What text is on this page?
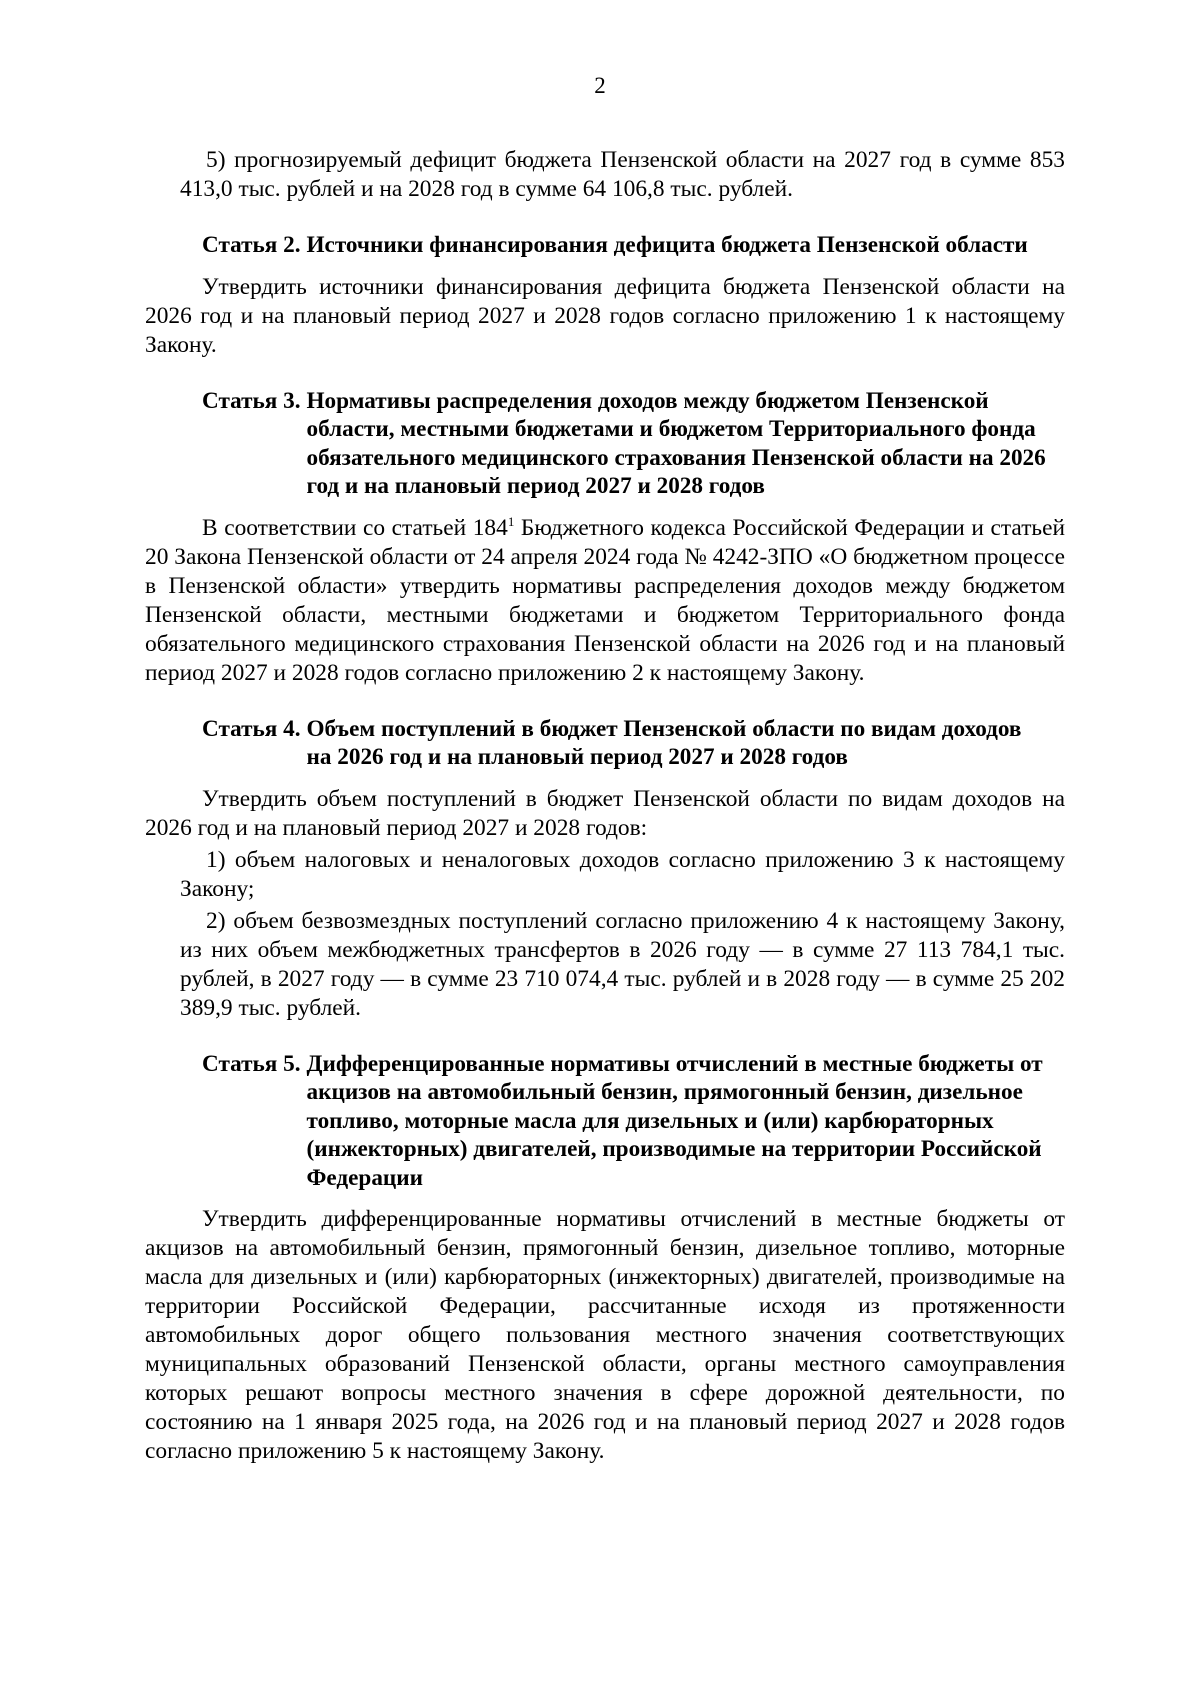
2

5) прогнозируемый дефицит бюджета Пензенской области на 2027 год в сумме 853 413,0 тыс. рублей и на 2028 год в сумме 64 106,8 тыс. рублей.

Статья 2. Источники финансирования дефицита бюджета Пензенской области

Утвердить источники финансирования дефицита бюджета Пензенской области на 2026 год и на плановый период 2027 и 2028 годов согласно приложению 1 к настоящему Закону.

Статья 3. Нормативы распределения доходов между бюджетом Пензенской области, местными бюджетами и бюджетом Территориального фонда обязательного медицинского страхования Пензенской области на 2026 год и на плановый период 2027 и 2028 годов

В соответствии со статьей $184^1$ Бюджетного кодекса Российской Федерации и статьей 20 Закона Пензенской области от 24 апреля 2024 года № 4242-ЗПО «О бюджетном процессе в Пензенской области» утвердить нормативы распределения доходов между бюджетом Пензенской области, местными бюджетами и бюджетом Территориального фонда обязательного медицинского страхования Пензенской области на 2026 год и на плановый период 2027 и 2028 годов согласно приложению 2 к настоящему Закону.

Статья 4. Объем поступлений в бюджет Пензенской области по видам доходов на 2026 год и на плановый период 2027 и 2028 годов

Утвердить объем поступлений в бюджет Пензенской области по видам доходов на 2026 год и на плановый период 2027 и 2028 годов:

1) объем налоговых и неналоговых доходов согласно приложению 3 к настоящему Закону;

2) объем безвозмездных поступлений согласно приложению 4 к настоящему Закону, из них объем межбюджетных трансфертов в 2026 году — в сумме 27 113 784,1 тыс. рублей, в 2027 году — в сумме 23 710 074,4 тыс. рублей и в 2028 году — в сумме 25 202 389,9 тыс. рублей.

Статья 5. Дифференцированные нормативы отчислений в местные бюджеты от акцизов на автомобильный бензин, прямогонный бензин, дизельное топливо, моторные масла для дизельных и (или) карбюраторных (инжекторных) двигателей, производимые на территории Российской Федерации

Утвердить дифференцированные нормативы отчислений в местные бюджеты от акцизов на автомобильный бензин, прямогонный бензин, дизельное топливо, моторные масла для дизельных и (или) карбюраторных (инжекторных) двигателей, производимые на территории Российской Федерации, рассчитанные исходя из протяженности автомобильных дорог общего пользования местного значения соответствующих муниципальных образований Пензенской области, органы местного самоуправления которых решают вопросы местного значения в сфере дорожной деятельности, по состоянию на 1 января 2025 года, на 2026 год и на плановый период 2027 и 2028 годов согласно приложению 5 к настоящему Закону.
